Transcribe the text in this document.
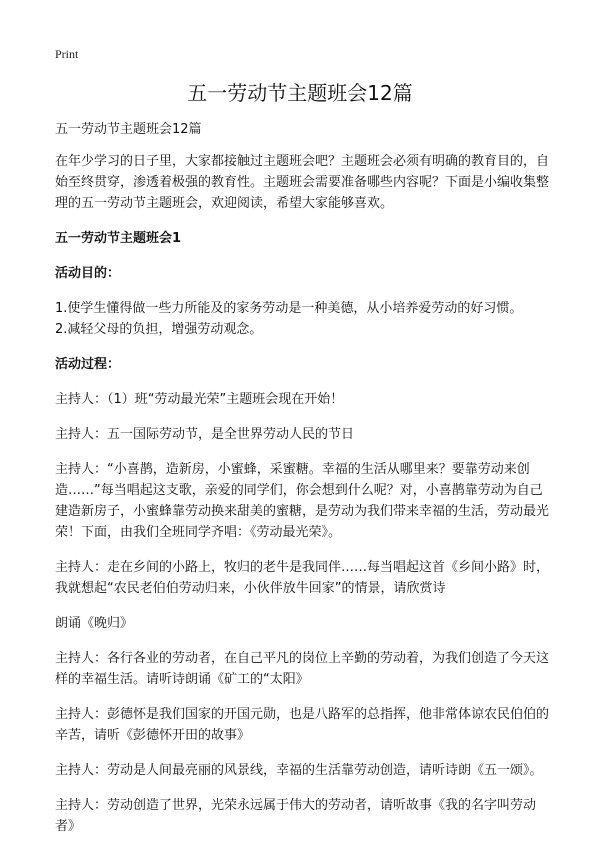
Print
五一劳动节主题班会12篇

五一劳动节主题班会12篇

在年少学习的日子里，大家都接触过主题班会吧？主题班会必须有明确的教育目的，自始至终贯穿，渗透着极强的教育性。主题班会需要准备哪些内容呢？下面是小编收集整理的五一劳动节主题班会，欢迎阅读，希望大家能够喜欢。

五一劳动节主题班会1

活动目的：

1.使学生懂得做一些力所能及的家务劳动是一种美德，从小培养爱劳动的好习惯。

2.减轻父母的负担，增强劳动观念。

活动过程：

主持人：（1）班“劳动最光荣”主题班会现在开始！

主持人：五一国际劳动节，是全世界劳动人民的节日

主持人：“小喜鹊，造新房，小蜜蜂，采蜜糖。幸福的生活从哪里来？要靠劳动来创造……”每当唱起这支歌，亲爱的同学们，你会想到什么呢？对，小喜鹊靠劳动为自己建造新房子，小蜜蜂靠劳动换来甜美的蜜糖，是劳动为我们带来幸福的生活，劳动最光荣！下面，由我们全班同学齐唱：《劳动最光荣》。

主持人：走在乡间的小路上，牧归的老牛是我同伴……每当唱起这首《乡间小路》时，我就想起“农民老伯伯劳动归来，小伙伴放牛回家”的情景，请欣赏诗

朗诵《晚归》

主持人：各行各业的劳动者，在自己平凡的岗位上辛勤的劳动着，为我们创造了今天这样的幸福生活。请听诗朗诵《矿工的“太阳》

主持人：彭德怀是我们国家的开国元勋，也是八路军的总指挥，他非常体谅农民伯伯的辛苦，请听《彭德怀开田的故事》

主持人：劳动是人间最亮丽的风景线，幸福的生活靠劳动创造，请听诗朗《五一颂》。

主持人：劳动创造了世界，光荣永远属于伟大的劳动者，请听故事《我的名字叫劳动者》
